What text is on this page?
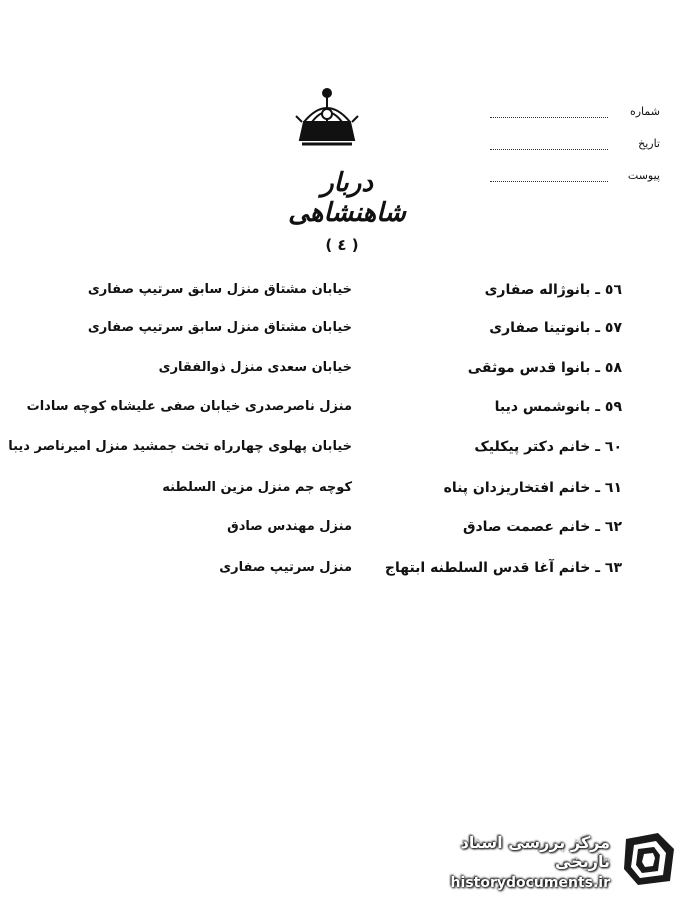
شماره
تاریخ
پیوست
دربار شاهنشاهی
( ٤ )
٥٦ ـ بانوژاله صفاری
خیابان مشتاق منزل سابق سرتیپ صفاری
٥٧ ـ بانوتینا صفاری
خیابان مشتاق منزل سابق سرتیپ صفاری
٥٨ ـ بانوا قدس موثقی
خیابان سعدی منزل ذوالفقاری
٥٩ ـ بانوشمس دیبا
منزل ناصرصدری خیابان صفی علیشاه کوچه سادات
٦٠ ـ خانم دکتر پیکلیک
خیابان پهلوی چهارراه تخت جمشید منزل امیرناصر دیبا
٦١ ـ خانم افتخاریزدان پناه
کوچه جم منزل مزین السلطنه
٦٢ ـ خانم عصمت صادق
منزل مهندس صادق
٦٣ ـ خانم آغا قدس السلطنه ابتهاج
منزل سرتیپ صفاری
مرکز بررسی اسناد تاریخی
historydocuments.ir
